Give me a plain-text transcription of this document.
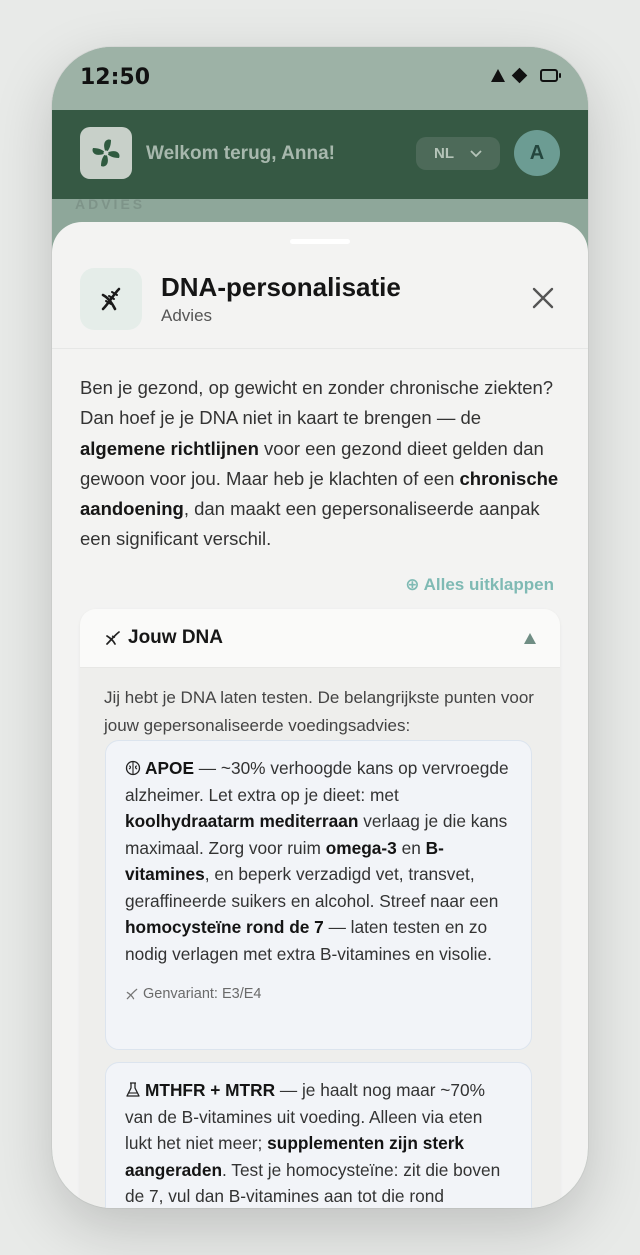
12:50
Welkom terug, Anna!	NL	A
ADVIES
DNA-personalisatie
Advies

Ben je gezond, op gewicht en zonder chronische ziekten? Dan hoef je je DNA niet in kaart te brengen — de algemene richtlijnen voor een gezond dieet gelden dan gewoon voor jou. Maar heb je klachten of een chronische aandoening, dan maakt een gepersonaliseerde aanpak een significant verschil.

⊕ Alles uitklappen
Jouw DNA

Jij hebt je DNA laten testen. De belangrijkste punten voor jouw gepersonaliseerde voedingsadvies:

APOE — ~30% verhoogde kans op vervroegde alzheimer. Let extra op je dieet: met koolhydraatarm mediterraan verlaag je die kans maximaal. Zorg voor ruim omega-3 en B-vitamines, en beperk verzadigd vet, transvet, geraffineerde suikers en alcohol. Streef naar een homocysteïne rond de 7 — laten testen en zo nodig verlagen met extra B-vitamines en visolie.
Genvariant: E3/E4
MTHFR + MTRR — je haalt nog maar ~70% van de B-vitamines uit voeding. Alleen via eten lukt het niet meer; supplementen zijn sterk aangeraden. Test je homocysteïne: zit die boven de 7, vul dan B-vitamines aan tot die rond
